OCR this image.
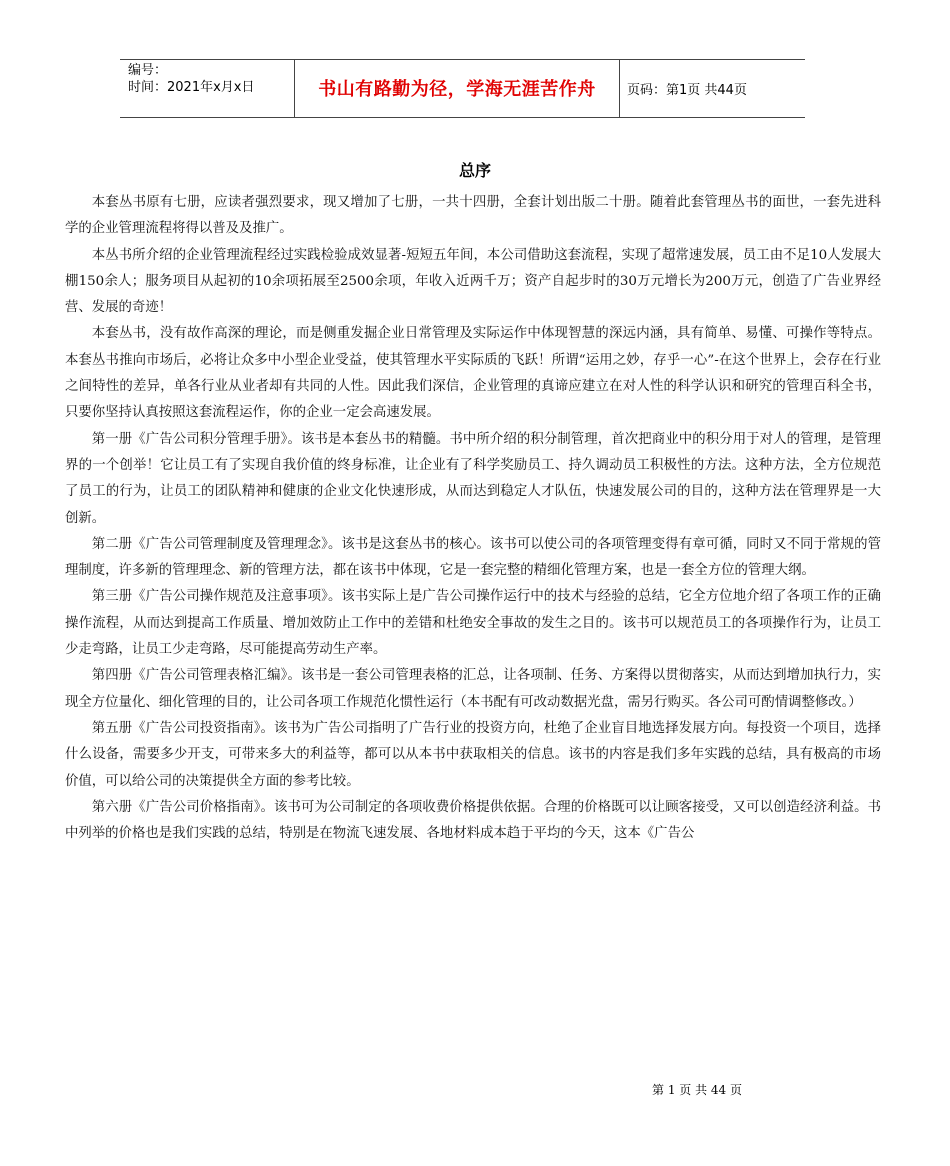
编号：
时间：2021年x月x日	书山有路勤为径，学海无涯苦作舟	页码：第1页 共44页
总序

本套丛书原有七册，应读者强烈要求，现又增加了七册，一共十四册，全套计划出版二十册。随着此套管理丛书的面世，一套先进科学的企业管理流程将得以普及及推广。

本丛书所介绍的企业管理流程经过实践检验成效显著-短短五年间，本公司借助这套流程，实现了超常速发展，员工由不足10人发展大棚150余人；服务项目从起初的10余项拓展至2500余项，年收入近两千万；资产自起步时的30万元增长为200万元，创造了广告业界经营、发展的奇迹！

本套丛书，没有故作高深的理论，而是侧重发掘企业日常管理及实际运作中体现智慧的深远内涵，具有简单、易懂、可操作等特点。本套丛书推向市场后，必将让众多中小型企业受益，使其管理水平实际质的飞跃！所谓“运用之妙，存乎一心”-在这个世界上，会存在行业之间特性的差异，单各行业从业者却有共同的人性。因此我们深信，企业管理的真谛应建立在对人性的科学认识和研究的管理百科全书，只要你坚持认真按照这套流程运作，你的企业一定会高速发展。

第一册《广告公司积分管理手册》。该书是本套丛书的精髓。书中所介绍的积分制管理，首次把商业中的积分用于对人的管理，是管理界的一个创举！它让员工有了实现自我价值的终身标准，让企业有了科学奖励员工、持久调动员工积极性的方法。这种方法，全方位规范了员工的行为，让员工的团队精神和健康的企业文化快速形成，从而达到稳定人才队伍，快速发展公司的目的，这种方法在管理界是一大创新。

第二册《广告公司管理制度及管理理念》。该书是这套丛书的核心。该书可以使公司的各项管理变得有章可循，同时又不同于常规的管理制度，许多新的管理理念、新的管理方法，都在该书中体现，它是一套完整的精细化管理方案，也是一套全方位的管理大纲。

第三册《广告公司操作规范及注意事项》。该书实际上是广告公司操作运行中的技术与经验的总结，它全方位地介绍了各项工作的正确操作流程，从而达到提高工作质量、增加效防止工作中的差错和杜绝安全事故的发生之目的。该书可以规范员工的各项操作行为，让员工少走弯路，让员工少走弯路，尽可能提高劳动生产率。

第四册《广告公司管理表格汇编》。该书是一套公司管理表格的汇总，让各项制、任务、方案得以贯彻落实，从而达到增加执行力，实现全方位量化、细化管理的目的，让公司各项工作规范化惯性运行（本书配有可改动数据光盘，需另行购买。各公司可酌情调整修改。）

第五册《广告公司投资指南》。该书为广告公司指明了广告行业的投资方向，杜绝了企业盲目地选择发展方向。每投资一个项目，选择什么设备，需要多少开支，可带来多大的利益等，都可以从本书中获取相关的信息。该书的内容是我们多年实践的总结，具有极高的市场价值，可以给公司的决策提供全方面的参考比较。

第六册《广告公司价格指南》。该书可为公司制定的各项收费价格提供依据。合理的价格既可以让顾客接受，又可以创造经济利益。书中列举的价格也是我们实践的总结，特别是在物流飞速发展、各地材料成本趋于平均的今天，这本《广告公

第 1 页 共 44 页
